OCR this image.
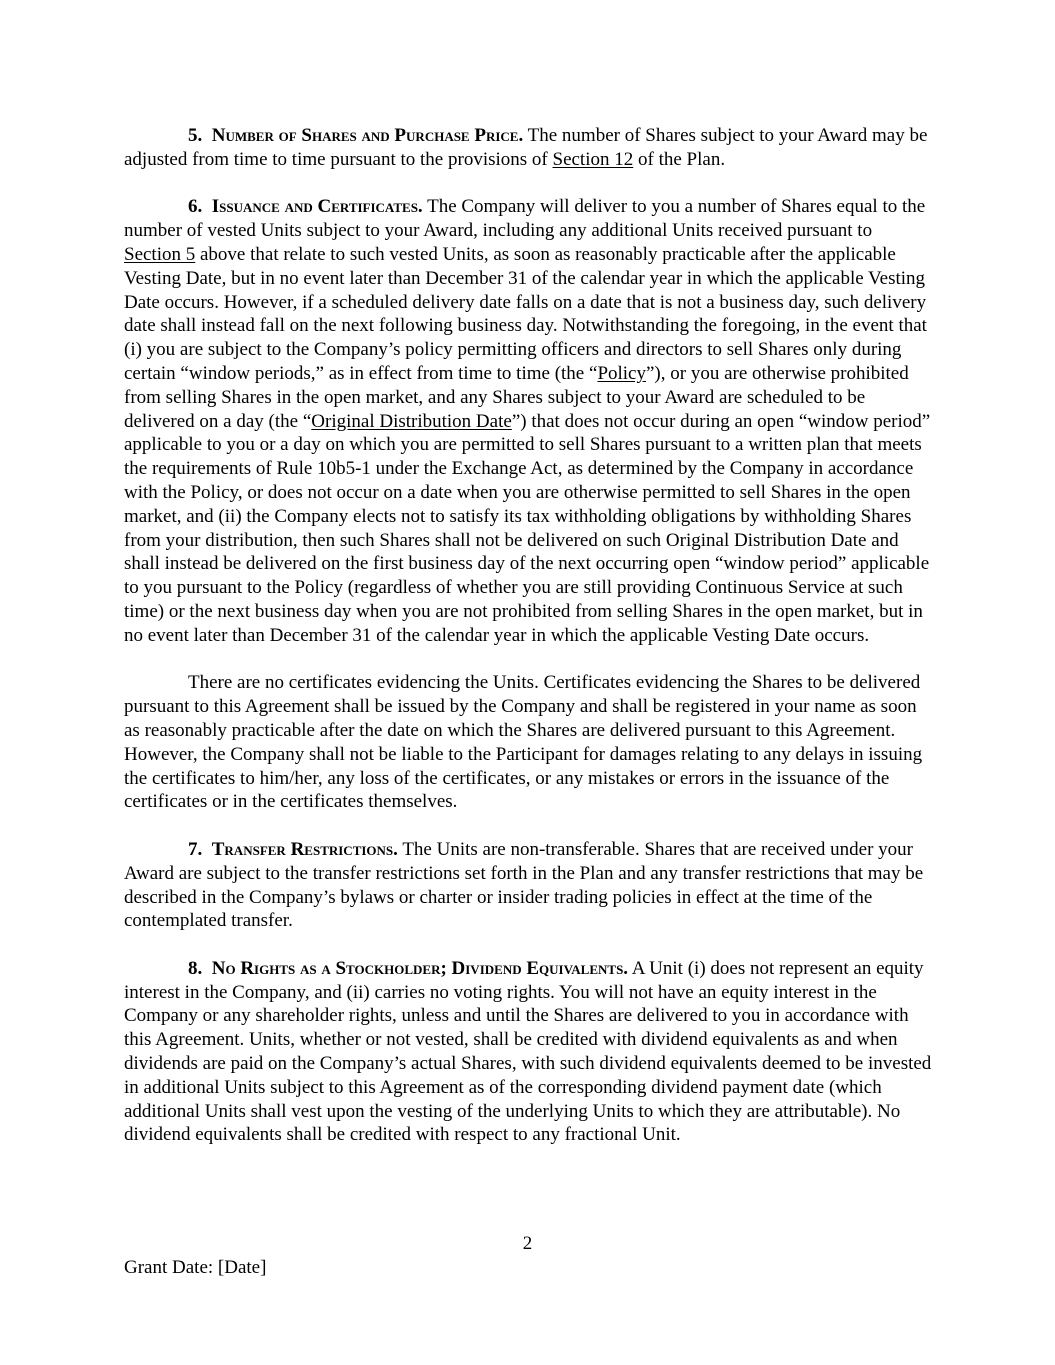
5. Number of Shares and Purchase Price. The number of Shares subject to your Award may be adjusted from time to time pursuant to the provisions of Section 12 of the Plan.

6. Issuance and Certificates. The Company will deliver to you a number of Shares equal to the number of vested Units subject to your Award, including any additional Units received pursuant to Section 5 above that relate to such vested Units, as soon as reasonably practicable after the applicable Vesting Date, but in no event later than December 31 of the calendar year in which the applicable Vesting Date occurs. However, if a scheduled delivery date falls on a date that is not a business day, such delivery date shall instead fall on the next following business day. Notwithstanding the foregoing, in the event that (i) you are subject to the Company’s policy permitting officers and directors to sell Shares only during certain “window periods,” as in effect from time to time (the “Policy”), or you are otherwise prohibited from selling Shares in the open market, and any Shares subject to your Award are scheduled to be delivered on a day (the “Original Distribution Date”) that does not occur during an open “window period” applicable to you or a day on which you are permitted to sell Shares pursuant to a written plan that meets the requirements of Rule 10b5-1 under the Exchange Act, as determined by the Company in accordance with the Policy, or does not occur on a date when you are otherwise permitted to sell Shares in the open market, and (ii) the Company elects not to satisfy its tax withholding obligations by withholding Shares from your distribution, then such Shares shall not be delivered on such Original Distribution Date and shall instead be delivered on the first business day of the next occurring open “window period” applicable to you pursuant to the Policy (regardless of whether you are still providing Continuous Service at such time) or the next business day when you are not prohibited from selling Shares in the open market, but in no event later than December 31 of the calendar year in which the applicable Vesting Date occurs.

There are no certificates evidencing the Units. Certificates evidencing the Shares to be delivered pursuant to this Agreement shall be issued by the Company and shall be registered in your name as soon as reasonably practicable after the date on which the Shares are delivered pursuant to this Agreement. However, the Company shall not be liable to the Participant for damages relating to any delays in issuing the certificates to him/her, any loss of the certificates, or any mistakes or errors in the issuance of the certificates or in the certificates themselves.

7. Transfer Restrictions. The Units are non-transferable. Shares that are received under your Award are subject to the transfer restrictions set forth in the Plan and any transfer restrictions that may be described in the Company’s bylaws or charter or insider trading policies in effect at the time of the contemplated transfer.

8. No Rights as a Stockholder; Dividend Equivalents. A Unit (i) does not represent an equity interest in the Company, and (ii) carries no voting rights. You will not have an equity interest in the Company or any shareholder rights, unless and until the Shares are delivered to you in accordance with this Agreement. Units, whether or not vested, shall be credited with dividend equivalents as and when dividends are paid on the Company’s actual Shares, with such dividend equivalents deemed to be invested in additional Units subject to this Agreement as of the corresponding dividend payment date (which additional Units shall vest upon the vesting of the underlying Units to which they are attributable). No dividend equivalents shall be credited with respect to any fractional Unit.

2
Grant Date: [Date]
